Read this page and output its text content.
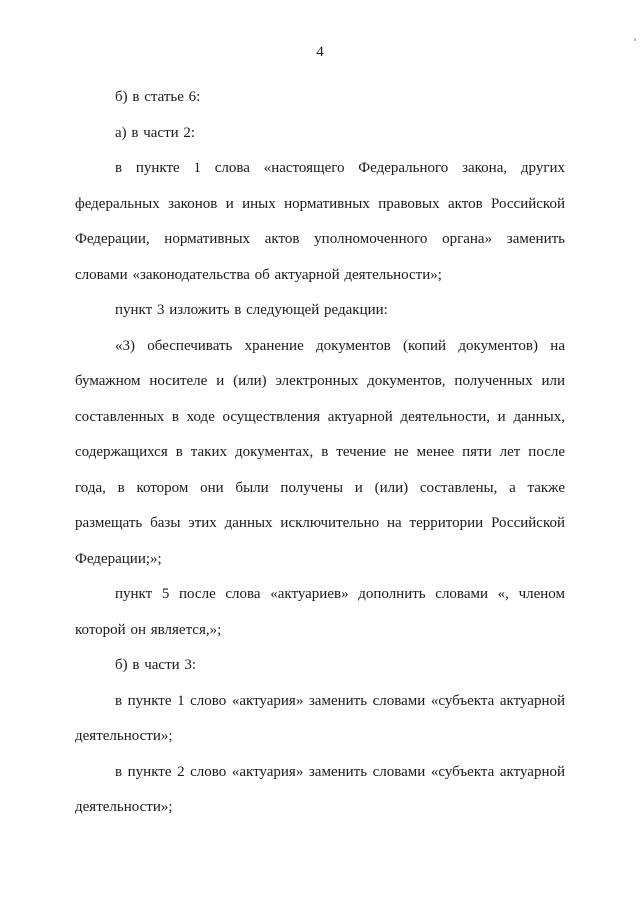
4

б) в статье 6:

а) в части 2:

в пункте 1 слова «настоящего Федерального закона, других федеральных законов и иных нормативных правовых актов Российской Федерации, нормативных актов уполномоченного органа» заменить словами «законодательства об актуарной деятельности»;

пункт 3 изложить в следующей редакции:

«3) обеспечивать хранение документов (копий документов) на бумажном носителе и (или) электронных документов, полученных или составленных в ходе осуществления актуарной деятельности, и данных, содержащихся в таких документах, в течение не менее пяти лет после года, в котором они были получены и (или) составлены, а также размещать базы этих данных исключительно на территории Российской Федерации;»;

пункт 5 после слова «актуариев» дополнить словами «, членом которой он является,»;

б) в части 3:

в пункте 1 слово «актуария» заменить словами «субъекта актуарной деятельности»;

в пункте 2 слово «актуария» заменить словами «субъекта актуарной деятельности»;
